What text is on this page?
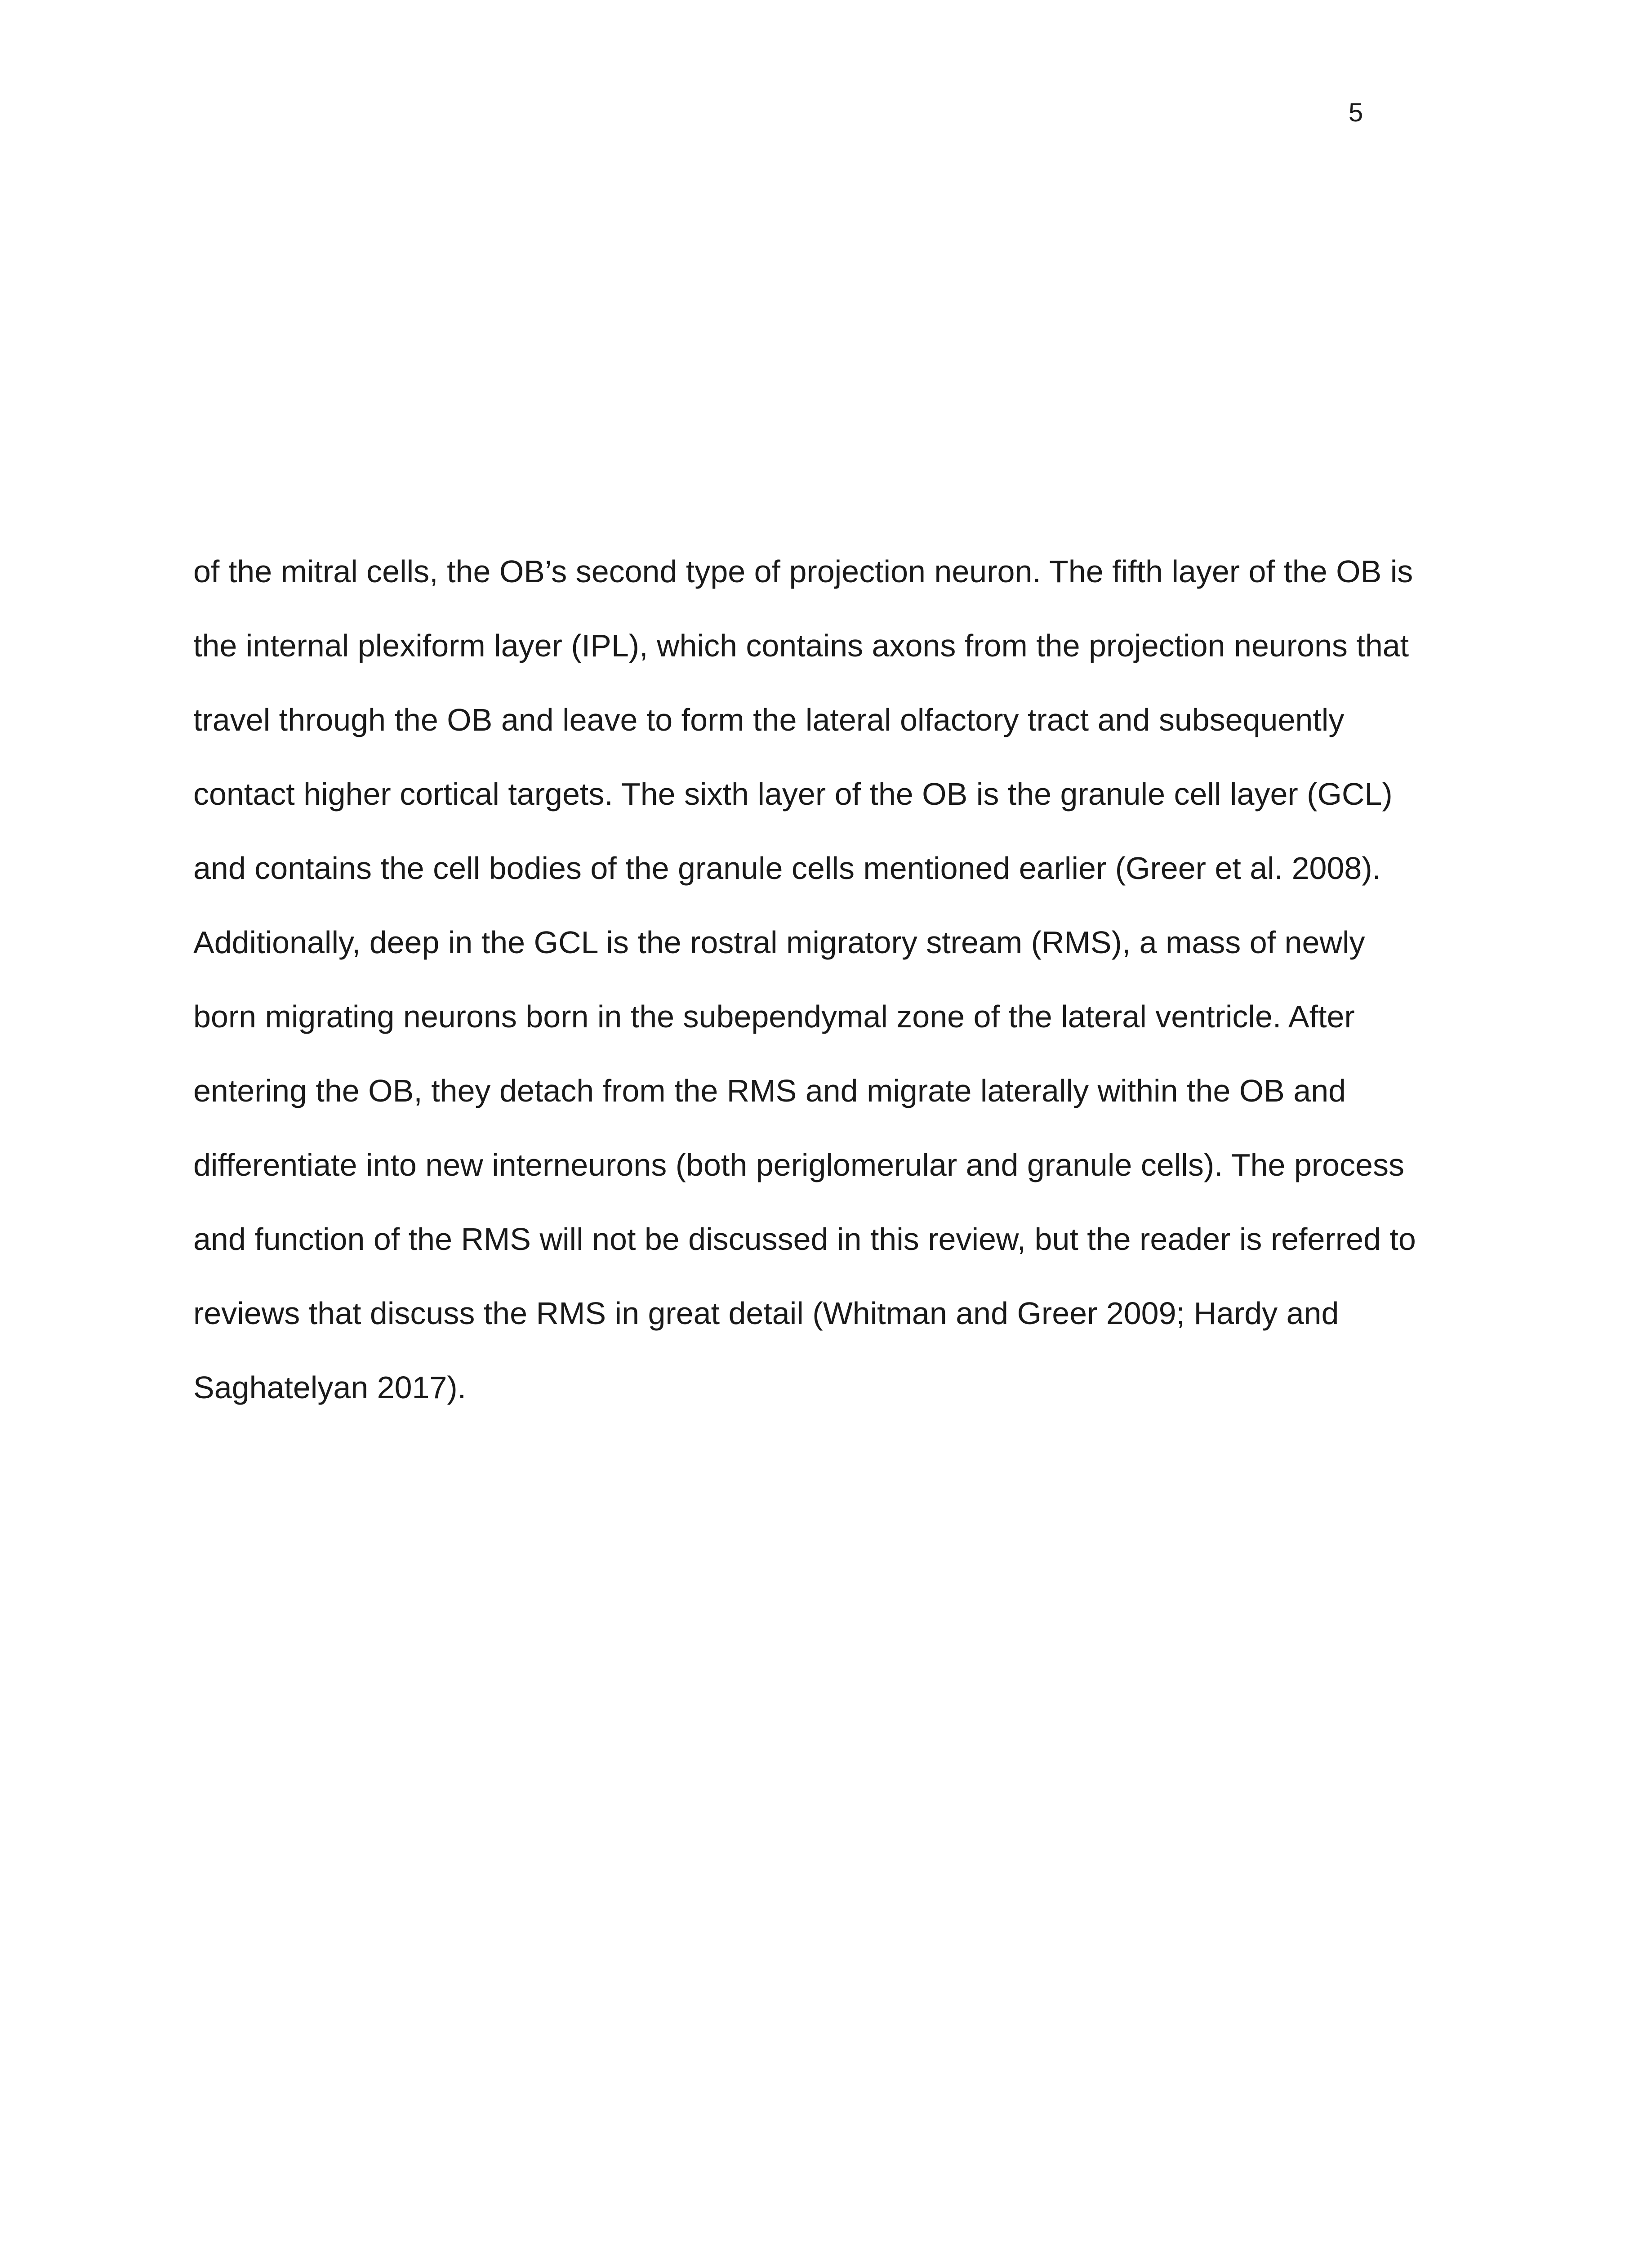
5
of the mitral cells, the OB’s second type of projection neuron. The fifth layer of the OB is
the internal plexiform layer (IPL), which contains axons from the projection neurons that
travel through the OB and leave to form the lateral olfactory tract and subsequently
contact higher cortical targets. The sixth layer of the OB is the granule cell layer (GCL)
and contains the cell bodies of the granule cells mentioned earlier (Greer et al. 2008).
Additionally, deep in the GCL is the rostral migratory stream (RMS), a mass of newly
born migrating neurons born in the subependymal zone of the lateral ventricle. After
entering the OB, they detach from the RMS and migrate laterally within the OB and
differentiate into new interneurons (both periglomerular and granule cells). The process
and function of the RMS will not be discussed in this review, but the reader is referred to
reviews that discuss the RMS in great detail (Whitman and Greer 2009; Hardy and
Saghatelyan 2017).
